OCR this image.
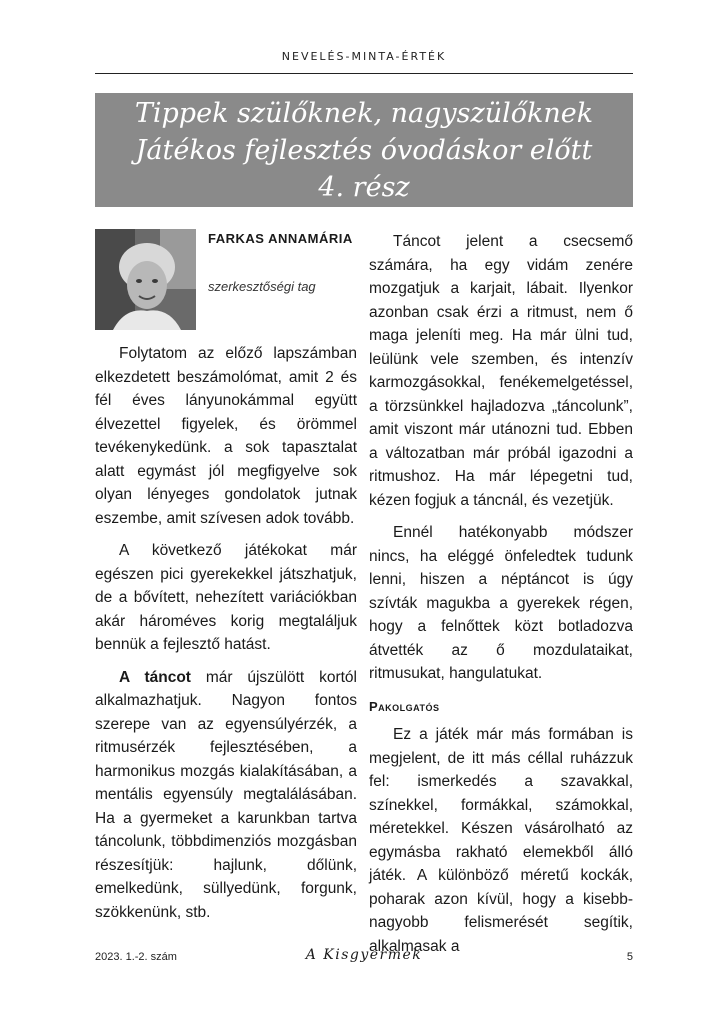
NEVELÉS-MINTA-ÉRTÉK
Tippek szülőknek, nagyszülőknek
Játékos fejlesztés óvodáskor előtt
4. rész
FARKAS ANNAMÁRIA
szerkesztőségi tag

Folytatom az előző lapszámban elkezdetett beszámolómat, amit 2 és fél éves lányunokámmal együtt élvezettel figyelek, és örömmel tevékenykedünk. a sok tapasztalat alatt egymást jól megfigyelve sok olyan lényeges gondolatok jutnak eszembe, amit szívesen adok tovább.

A következő játékokat már egészen pici gyerekekkel játszhatjuk, de a bővített, nehezített variációkban akár hároméves korig megtaláljuk bennük a fejlesztő hatást.

A táncot már újszülött kortól alkalmazhatjuk. Nagyon fontos szerepe van az egyensúlyérzék, a ritmusérzék fejlesztésében, a harmonikus mozgás kialakításában, a mentális egyensúly megtalálásában. Ha a gyermeket a karunkban tartva táncolunk, többdimenziós mozgásban részesítjük: hajlunk, dőlünk, emelkedünk, süllyedünk, forgunk, szökkenünk, stb.

Táncot jelent a csecsemő számára, ha egy vidám zenére mozgatjuk a karjait, lábait. Ilyenkor azonban csak érzi a ritmust, nem ő maga jeleníti meg. Ha már ülni tud, leülünk vele szemben, és intenzív karmozgásokkal, fenékemelgetéssel, a törzsünkkel hajladozva „táncolunk”, amit viszont már utánozni tud. Ebben a változatban már próbál igazodni a ritmushoz. Ha már lépegetni tud, kézen fogjuk a táncnál, és vezetjük.

Ennél hatékonyabb módszer nincs, ha eléggé önfeledtek tudunk lenni, hiszen a néptáncot is úgy szívták magukba a gyerekek régen, hogy a felnőttek közt botladozva átvették az ő mozdulataikat, ritmusukat, hangulatukat.

Pakolgatós

Ez a játék már más formában is megjelent, de itt más céllal ruházzuk fel: ismerkedés a szavakkal, színekkel, formákkal, számokkal, méretekkel. Készen vásárolható az egymásba rakható elemekből álló játék. A különböző méretű kockák, poharak azon kívül, hogy a kisebb-nagyobb felismerését segítik, alkalmasak a

2023. 1.-2. szám	A Kisgyermek	5
